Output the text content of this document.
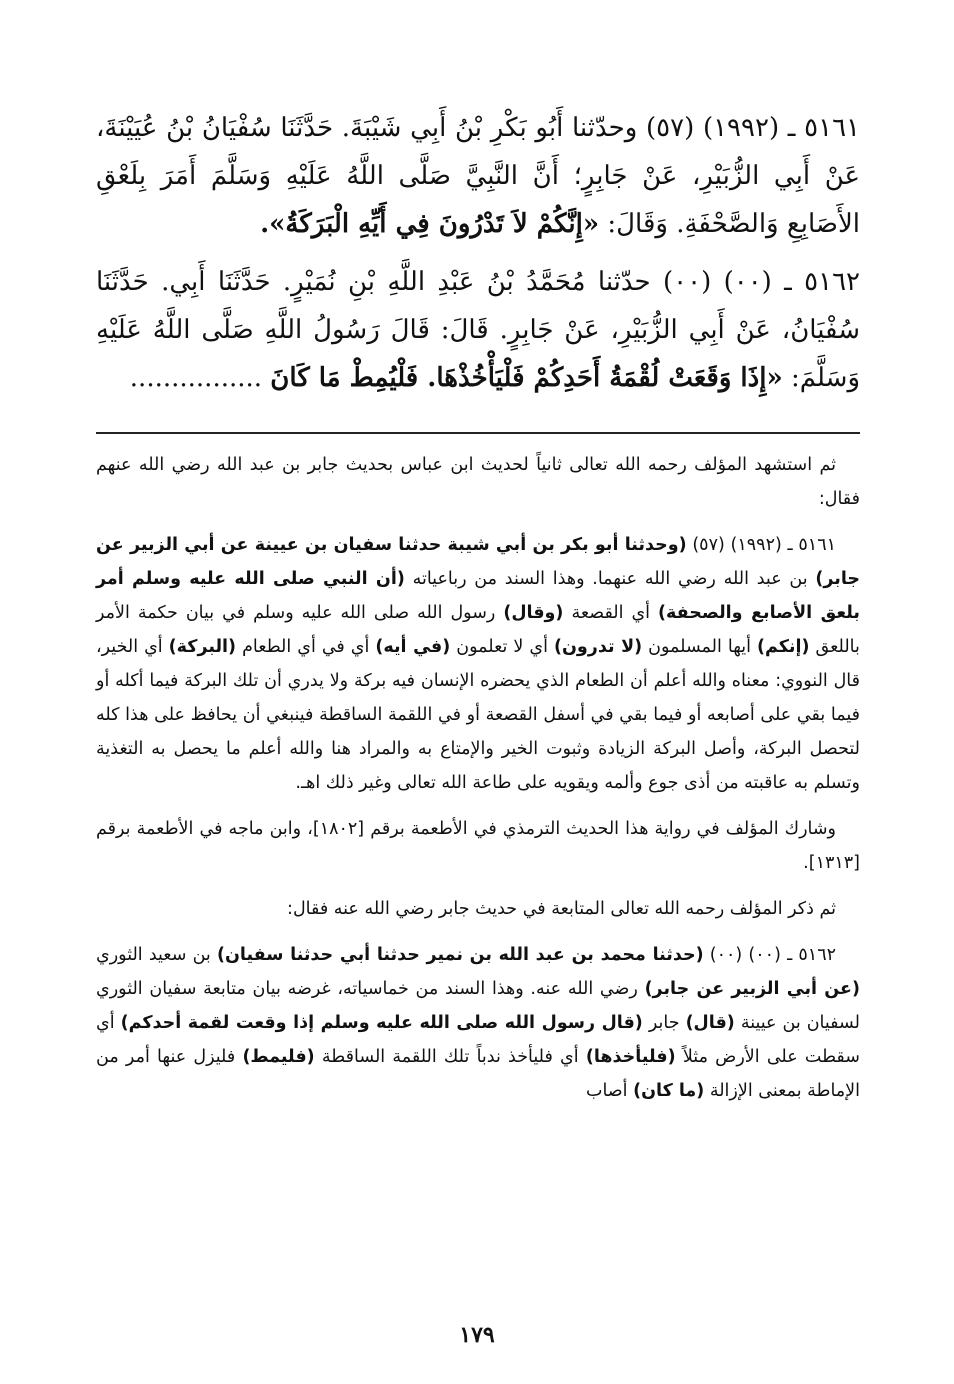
٥١٦١ ـ (١٩٩٢) (٥٧) وحدّثنا أَبُو بَكْرِ بْنُ أَبِي شَيْبَةَ. حَدَّثَنَا سُفْيَانُ بْنُ عُيَيْنَةَ، عَنْ أَبِي الزُّبَيْرِ، عَنْ جَابِرٍ؛ أَنَّ النَّبِيَّ صَلَّى اللَّهُ عَلَيْهِ وَسَلَّمَ أَمَرَ بِلَعْقِ الأَصَابِعِ وَالصَّحْفَةِ. وَقَالَ: «إِنَّكُمْ لاَ تَدْرُونَ فِي أَيِّهِ الْبَرَكَةُ».

٥١٦٢ ـ (٠٠) (٠٠) حدّثنا مُحَمَّدُ بْنُ عَبْدِ اللَّهِ بْنِ نُمَيْرٍ. حَدَّثَنَا أَبِي. حَدَّثَنَا سُفْيَانُ، عَنْ أَبِي الزُّبَيْرِ، عَنْ جَابِرٍ. قَالَ: قَالَ رَسُولُ اللَّهِ صَلَّى اللَّهُ عَلَيْهِ وَسَلَّمَ: «إِذَا وَقَعَتْ لُقْمَةُ أَحَدِكُمْ فَلْيَأْخُذْهَا. فَلْيُمِطْ مَا كَانَ ................

ثم استشهد المؤلف رحمه الله تعالى ثانياً لحديث ابن عباس بحديث جابر بن عبد الله رضي الله عنهم فقال:

٥١٦١ ـ (١٩٩٢) (٥٧) (وحدثنا أبو بكر بن أبي شيبة حدثنا سفيان بن عيينة عن أبي الزبير عن جابر) بن عبد الله رضي الله عنهما. وهذا السند من رباعياته (أن النبي صلى الله عليه وسلم أمر بلعق الأصابع والصحفة) أي القصعة (وقال) رسول الله صلى الله عليه وسلم في بيان حكمة الأمر باللعق (إنكم) أيها المسلمون (لا تدرون) أي لا تعلمون (في أيه) أي في أي الطعام (البركة) أي الخير، قال النووي: معناه والله أعلم أن الطعام الذي يحضره الإنسان فيه بركة ولا يدري أن تلك البركة فيما أكله أو فيما بقي على أصابعه أو فيما بقي في أسفل القصعة أو في اللقمة الساقطة فينبغي أن يحافظ على هذا كله لتحصل البركة، وأصل البركة الزيادة وثبوت الخير والإمتاع به والمراد هنا والله أعلم ما يحصل به التغذية وتسلم به عاقبته من أذى جوع وألمه ويقويه على طاعة الله تعالى وغير ذلك اهـ.

وشارك المؤلف في رواية هذا الحديث الترمذي في الأطعمة برقم [١٨٠٢]، وابن ماجه في الأطعمة برقم [١٣١٣].

ثم ذكر المؤلف رحمه الله تعالى المتابعة في حديث جابر رضي الله عنه فقال:

٥١٦٢ ـ (٠٠) (٠٠) (حدثنا محمد بن عبد الله بن نمير حدثنا أبي حدثنا سفيان) بن سعيد الثوري (عن أبي الزبير عن جابر) رضي الله عنه. وهذا السند من خماسياته، غرضه بيان متابعة سفيان الثوري لسفيان بن عيينة (قال) جابر (قال رسول الله صلى الله عليه وسلم إذا وقعت لقمة أحدكم) أي سقطت على الأرض مثلاً (فليأخذها) أي فليأخذ ندباً تلك اللقمة الساقطة (فليمط) فليزل عنها أمر من الإماطة بمعنى الإزالة (ما كان) أصاب

١٧٩
